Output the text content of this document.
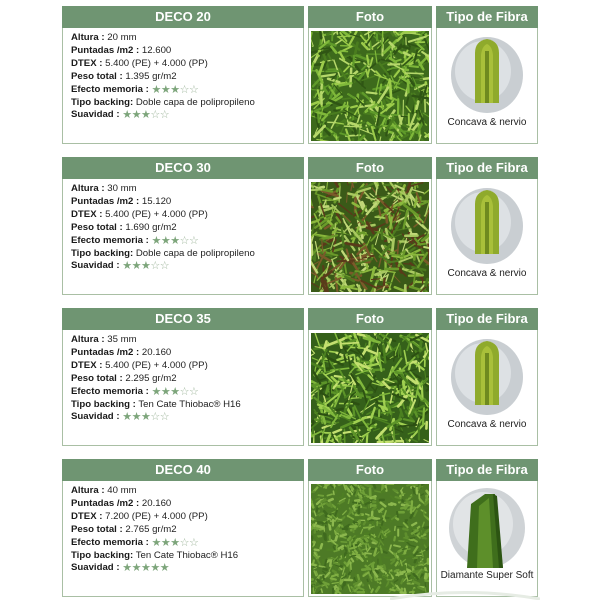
DECO 20
Altura : 20 mm
Puntadas /m2 : 12.600
DTEX : 5.400 (PE) + 4.000 (PP)
Peso total : 1.395 gr/m2
Efecto memoria : ★★★☆☆
Tipo backing: Doble capa de polipropileno
Suavidad : ★★★☆☆
Foto	Tipo de Fibra
Concava & nervio
DECO 30
Altura : 30 mm
Puntadas /m2 : 15.120
DTEX : 5.400 (PE) + 4.000 (PP)
Peso total : 1.690 gr/m2
Efecto memoria : ★★★☆☆
Tipo backing: Doble capa de polipropileno
Suavidad : ★★★☆☆
Foto	Tipo de Fibra
Concava & nervio
DECO 35
Altura : 35 mm
Puntadas /m2 : 20.160
DTEX : 5.400 (PE) + 4.000 (PP)
Peso total : 2.295 gr/m2
Efecto memoria : ★★★☆☆
Tipo backing : Ten Cate Thiobac® H16
Suavidad : ★★★☆☆
Foto	Tipo de Fibra
Concava & nervio
DECO 40
Altura : 40 mm
Puntadas /m2 : 20.160
DTEX : 7.200 (PE) + 4.000 (PP)
Peso total : 2.765 gr/m2
Efecto memoria : ★★★☆☆
Tipo backing: Ten Cate Thiobac® H16
Suavidad : ★★★★★
Foto	Tipo de Fibra
Diamante Super Soft
